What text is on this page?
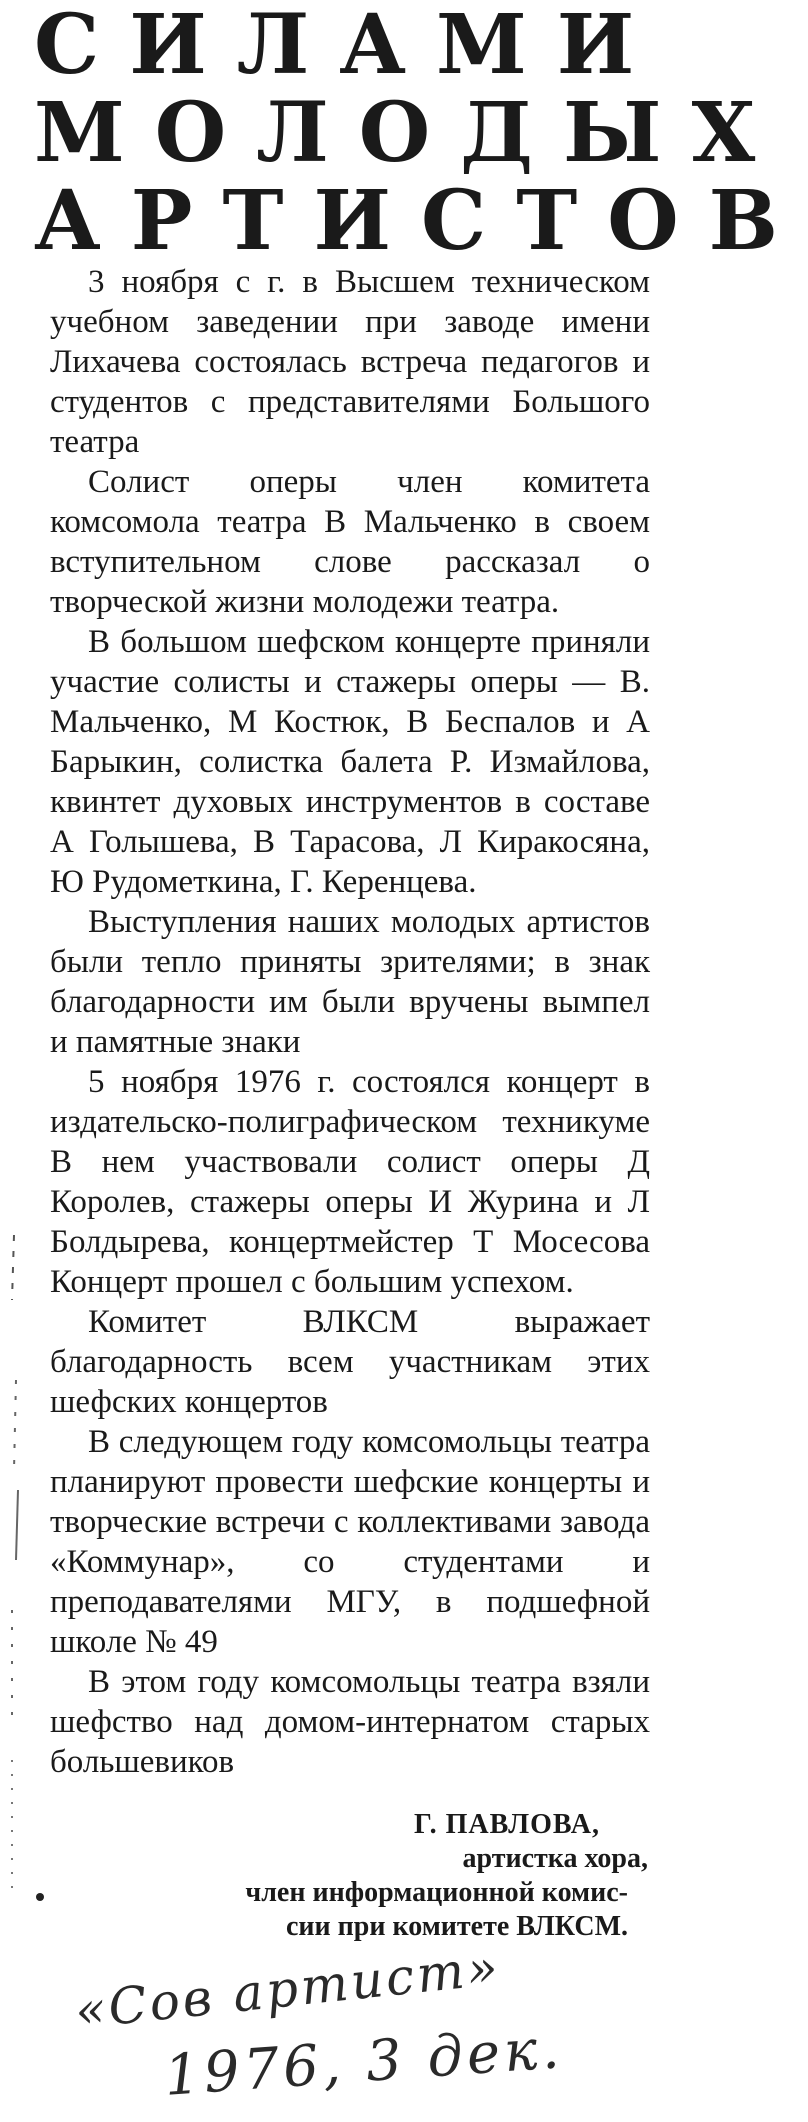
СИЛАМИ
МОЛОДЫХ
АРТИСТОВ

3 ноября с г. в Высшем техническом учебном заведении при заводе имени Лихачева состоялась встреча педагогов и студентов с представителями Большого театра

Солист оперы член комитета комсомола театра В Мальченко в своем вступительном слове рассказал о творческой жизни молодежи театра.

В большом шефском концерте приняли участие солисты и стажеры оперы — В. Мальченко, М Костюк, В Беспалов и А Барыкин, солистка балета Р. Измайлова, квинтет духовых инструментов в составе А Голышева, В Тарасова, Л Киракосяна, Ю Рудометкина, Г. Керенцева.

Выступления наших молодых артистов были тепло приняты зрителями; в знак благодарности им были вручены вымпел и памятные знаки

5 ноября 1976 г. состоялся концерт в издательско-полиграфическом техникуме В нем участвовали солист оперы Д Королев, стажеры оперы И Журина и Л Болдырева, концертмейстер Т Мосесова Концерт прошел с большим успехом.

Комитет ВЛКСМ выражает благодарность всем участникам этих шефских концертов

В следующем году комсомольцы театра планируют провести шефские концерты и творческие встречи с коллективами завода «Коммунар», со студентами и преподавателями МГУ, в подшефной школе № 49

В этом году комсомольцы театра взяли шефство над домом-интернатом старых большевиков

Г. ПАВЛОВА,
артистка хора,
член информационной комис-
сии при комитете ВЛКСМ.
«Сов артист»
1976, 3 дек.
